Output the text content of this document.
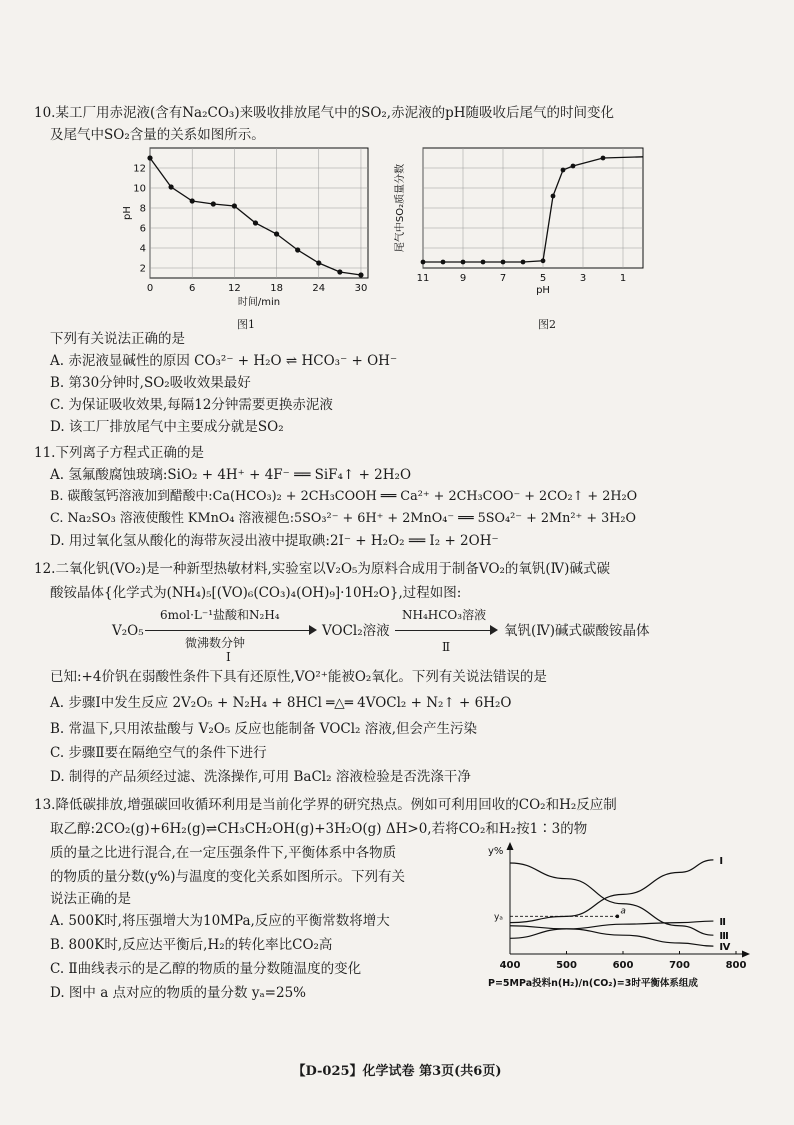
10.某工厂用赤泥液(含有Na₂CO₃)来吸收排放尾气中的SO₂,赤泥液的pH随吸收后尾气的时间变化
及尾气中SO₂含量的关系如图所示。
0	6	12	18	24	30
2
4
6
8
10
12
时间/min
pH
图1
11	9	7	5	3	1
pH
尾气中SO₂质量分数
图2
下列有关说法正确的是
A. 赤泥液显碱性的原因 CO₃²⁻ + H₂O ⇌ HCO₃⁻ + OH⁻
B. 第30分钟时,SO₂吸收效果最好
C. 为保证吸收效果,每隔12分钟需要更换赤泥液
D. 该工厂排放尾气中主要成分就是SO₂
11.下列离子方程式正确的是
A. 氢氟酸腐蚀玻璃:SiO₂ + 4H⁺ + 4F⁻ ══ SiF₄↑ + 2H₂O
B. 碳酸氢钙溶液加到醋酸中:Ca(HCO₃)₂ + 2CH₃COOH ══ Ca²⁺ + 2CH₃COO⁻ + 2CO₂↑ + 2H₂O
C. Na₂SO₃ 溶液使酸性 KMnO₄ 溶液褪色:5SO₃²⁻ + 6H⁺ + 2MnO₄⁻ ══ 5SO₄²⁻ + 2Mn²⁺ + 3H₂O
D. 用过氧化氢从酸化的海带灰浸出液中提取碘:2I⁻ + H₂O₂ ══ I₂ + 2OH⁻
12.二氧化钒(VO₂)是一种新型热敏材料,实验室以V₂O₅为原料合成用于制备VO₂的氧钒(Ⅳ)碱式碳
酸铵晶体{化学式为(NH₄)₅[(VO)₆(CO₃)₄(OH)₉]·10H₂O},过程如图:
V₂O₅
6mol·L⁻¹盐酸和N₂H₄
微沸数分钟
Ⅰ
VOCl₂溶液
NH₄HCO₃溶液
Ⅱ
氧钒(Ⅳ)碱式碳酸铵晶体
已知:+4价钒在弱酸性条件下具有还原性,VO²⁺能被O₂氧化。下列有关说法错误的是
A. 步骤Ⅰ中发生反应 2V₂O₅ + N₂H₄ + 8HCl ═△═ 4VOCl₂ + N₂↑ + 6H₂O
B. 常温下,只用浓盐酸与 V₂O₅ 反应也能制备 VOCl₂ 溶液,但会产生污染
C. 步骤Ⅱ要在隔绝空气的条件下进行
D. 制得的产品须经过滤、洗涤操作,可用 BaCl₂ 溶液检验是否洗涤干净
13.降低碳排放,增强碳回收循环利用是当前化学界的研究热点。例如可利用回收的CO₂和H₂反应制
取乙醇:2CO₂(g)+6H₂(g)⇌CH₃CH₂OH(g)+3H₂O(g) ΔH>0,若将CO₂和H₂按1∶3的物
质的量之比进行混合,在一定压强条件下,平衡体系中各物质
的物质的量分数(y%)与温度的变化关系如图所示。下列有关
说法正确的是
A. 500K时,将压强增大为10MPa,反应的平衡常数将增大
B. 800K时,反应达平衡后,H₂的转化率比CO₂高
C. Ⅱ曲线表示的是乙醇的物质的量分数随温度的变化
D. 图中 a 点对应的物质的量分数 yₐ=25%
y%
400	500	600	700	800
Ⅰ
Ⅱ
Ⅲ
Ⅳ
yₐ
a
P=5MPa投料n(H₂)/n(CO₂)=3时平衡体系组成
【D-025】化学试卷 第3页(共6页)
